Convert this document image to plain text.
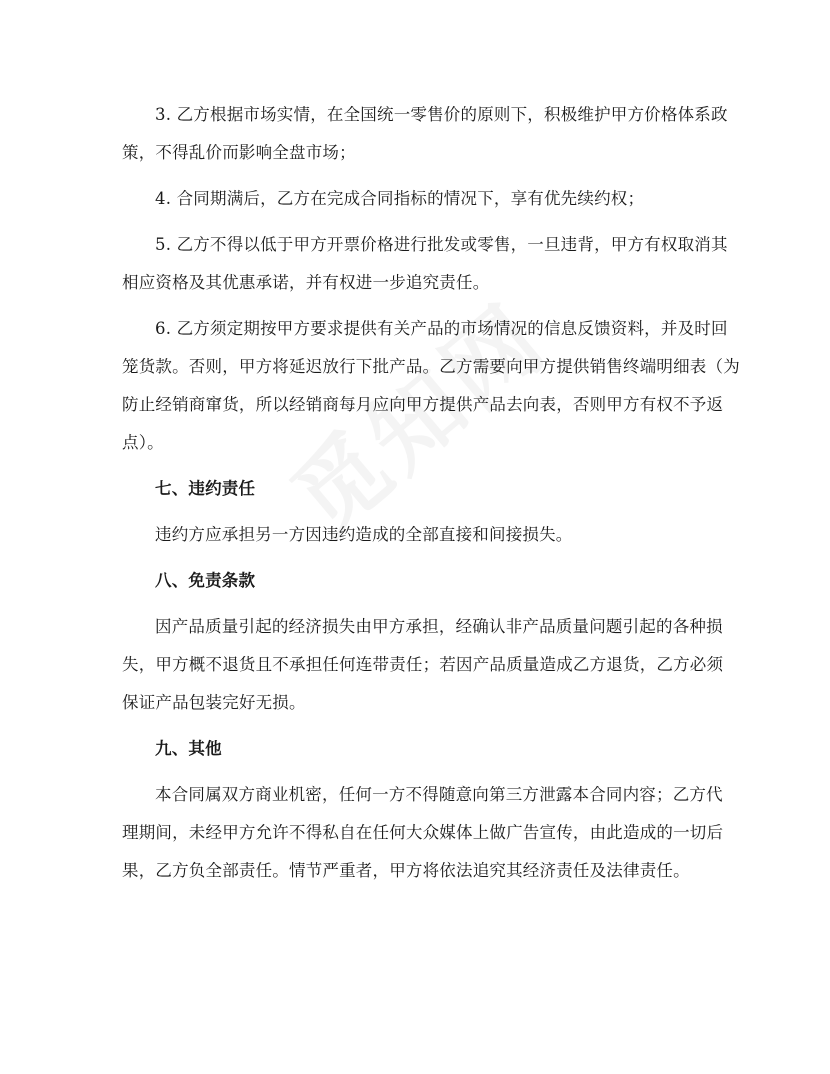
3. 乙方根据市场实情，在全国统一零售价的原则下，积极维护甲方价格体系政
策，不得乱价而影响全盘市场；
4. 合同期满后，乙方在完成合同指标的情况下，享有优先续约权；
5. 乙方不得以低于甲方开票价格进行批发或零售，一旦违背，甲方有权取消其
相应资格及其优惠承诺，并有权进一步追究责任。
6. 乙方须定期按甲方要求提供有关产品的市场情况的信息反馈资料，并及时回
笼货款。否则，甲方将延迟放行下批产品。乙方需要向甲方提供销售终端明细表（为
防止经销商窜货，所以经销商每月应向甲方提供产品去向表，否则甲方有权不予返
点）。
七、违约责任
违约方应承担另一方因违约造成的全部直接和间接损失。
八、免责条款
因产品质量引起的经济损失由甲方承担，经确认非产品质量问题引起的各种损
失，甲方概不退货且不承担任何连带责任；若因产品质量造成乙方退货，乙方必须
保证产品包装完好无损。
九、其他
本合同属双方商业机密，任何一方不得随意向第三方泄露本合同内容；乙方代
理期间，未经甲方允许不得私自在任何大众媒体上做广告宣传，由此造成的一切后
果，乙方负全部责任。情节严重者，甲方将依法追究其经济责任及法律责任。
